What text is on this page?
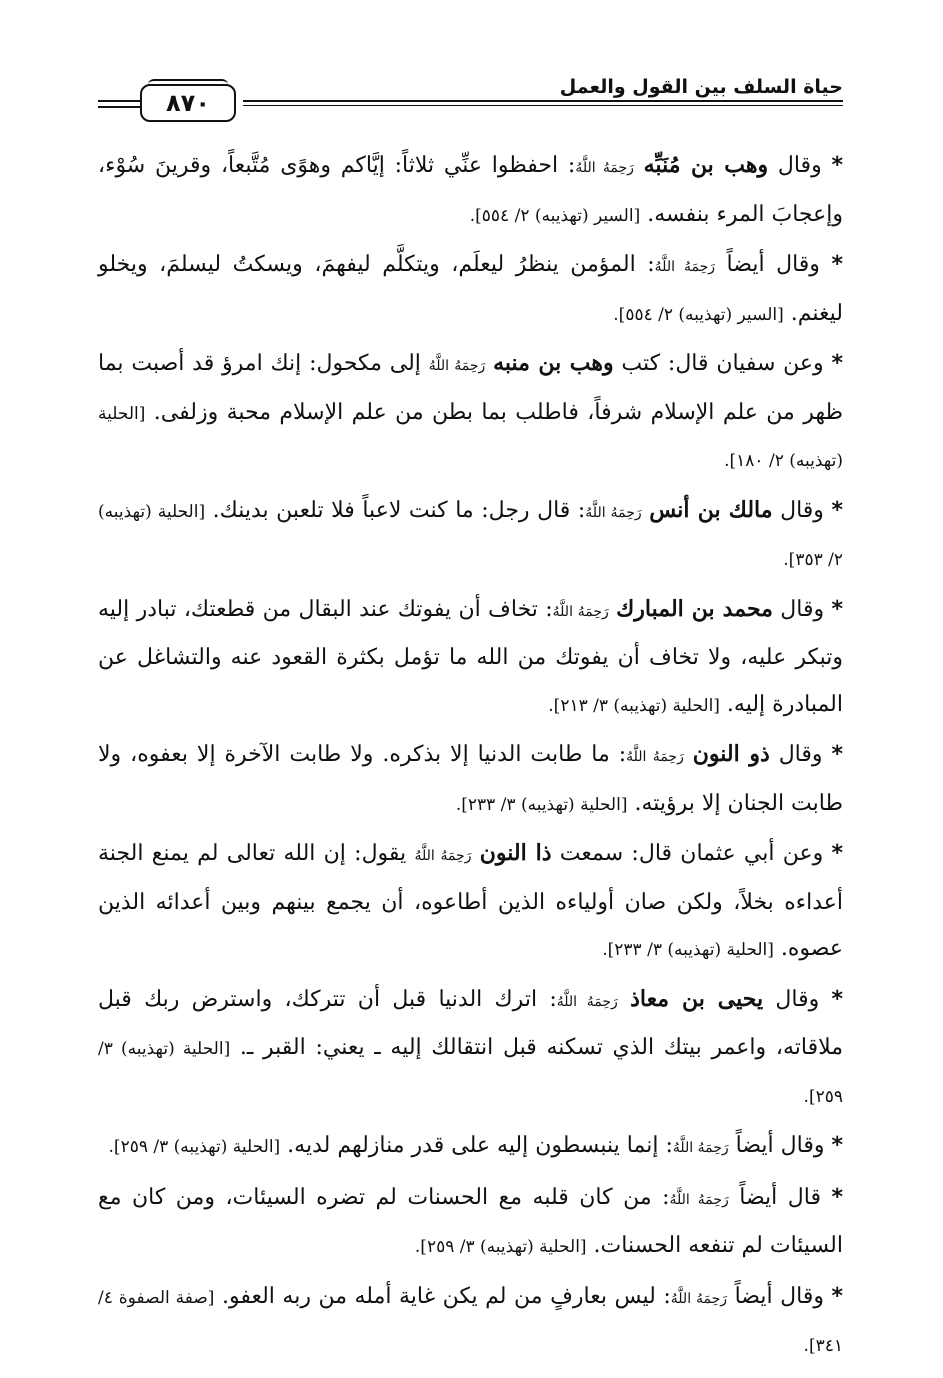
حياة السلف بين القول والعمل
٨٧٠

* وقال وهب بن مُنَبِّه رَحِمَهُ اللَّهُ: احفظوا عنِّي ثلاثاً: إيَّاكم وهوًى مُتَّبعاً، وقرينَ سُوْء، وإعجابَ المرء بنفسه. [السير (تهذيبه) ٢/ ٥٥٤].

* وقال أيضاً رَحِمَهُ اللَّهُ: المؤمن ينظرُ ليعلَم، ويتكلَّم ليفهمَ، ويسكتُ ليسلمَ، ويخلو ليغنم. [السير (تهذيبه) ٢/ ٥٥٤].

* وعن سفيان قال: كتب وهب بن منبه رَحِمَهُ اللَّهُ إلى مكحول: إنك امرؤ قد أصبت بما ظهر من علم الإسلام شرفاً، فاطلب بما بطن من علم الإسلام محبة وزلفى. [الحلية (تهذيبه) ٢/ ١٨٠].

* وقال مالك بن أنس رَحِمَهُ اللَّهُ: قال رجل: ما كنت لاعباً فلا تلعبن بدينك. [الحلية (تهذيبه) ٢/ ٣٥٣].

* وقال محمد بن المبارك رَحِمَهُ اللَّهُ: تخاف أن يفوتك عند البقال من قطعتك، تبادر إليه وتبكر عليه، ولا تخاف أن يفوتك من الله ما تؤمل بكثرة القعود عنه والتشاغل عن المبادرة إليه. [الحلية (تهذيبه) ٣/ ٢١٣].

* وقال ذو النون رَحِمَهُ اللَّهُ: ما طابت الدنيا إلا بذكره. ولا طابت الآخرة إلا بعفوه، ولا طابت الجنان إلا برؤيته. [الحلية (تهذيبه) ٣/ ٢٣٣].

* وعن أبي عثمان قال: سمعت ذا النون رَحِمَهُ اللَّهُ يقول: إن الله تعالى لم يمنع الجنة أعداءه بخلاً، ولكن صان أولياءه الذين أطاعوه، أن يجمع بينهم وبين أعدائه الذين عصوه. [الحلية (تهذيبه) ٣/ ٢٣٣].

* وقال يحيى بن معاذ رَحِمَهُ اللَّهُ: اترك الدنيا قبل أن تتركك، واسترض ربك قبل ملاقاته، واعمر بيتك الذي تسكنه قبل انتقالك إليه ـ يعني: القبر ـ. [الحلية (تهذيبه) ٣/ ٢٥٩].

* وقال أيضاً رَحِمَهُ اللَّهُ: إنما ينبسطون إليه على قدر منازلهم لديه. [الحلية (تهذيبه) ٣/ ٢٥٩].

* قال أيضاً رَحِمَهُ اللَّهُ: من كان قلبه مع الحسنات لم تضره السيئات، ومن كان مع السيئات لم تنفعه الحسنات. [الحلية (تهذيبه) ٣/ ٢٥٩].

* وقال أيضاً رَحِمَهُ اللَّهُ: ليس بعارفٍ من لم يكن غاية أمله من ربه العفو. [صفة الصفوة ٤/ ٣٤١].
